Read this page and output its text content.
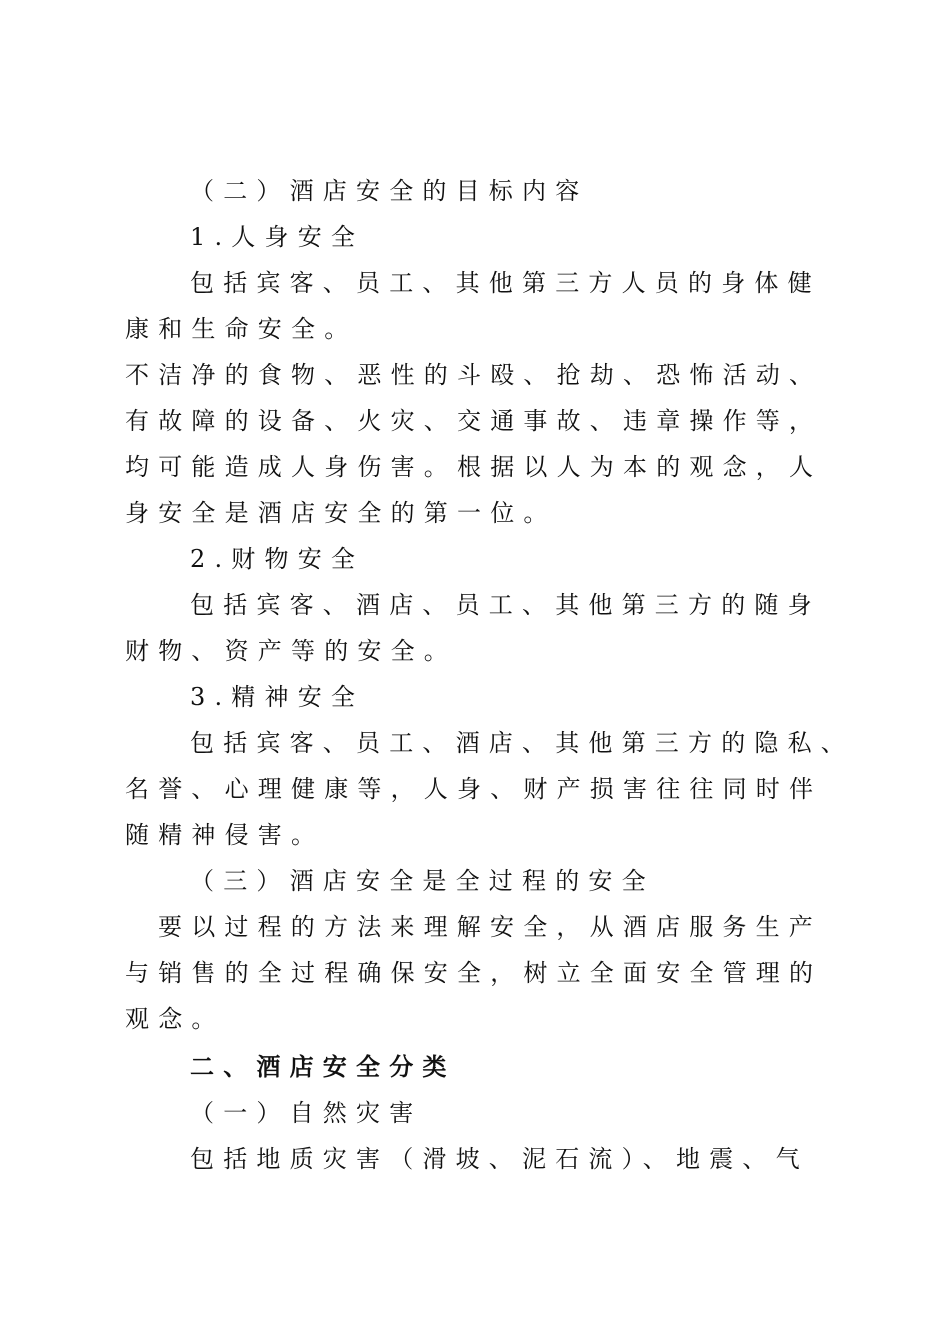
（二）酒店安全的目标内容
1.人身安全
包括宾客、员工、其他第三方人员的身体健
康和生命安全。
不洁净的食物、恶性的斗殴、抢劫、恐怖活动、
有故障的设备、火灾、交通事故、违章操作等，
均可能造成人身伤害。根据以人为本的观念，人
身安全是酒店安全的第一位。
2.财物安全
包括宾客、酒店、员工、其他第三方的随身
财物、资产等的安全。
3.精神安全
包括宾客、员工、酒店、其他第三方的隐私、
名誉、心理健康等，人身、财产损害往往同时伴
随精神侵害。
（三）酒店安全是全过程的安全
要以过程的方法来理解安全，从酒店服务生产
与销售的全过程确保安全，树立全面安全管理的
观念。
二、酒店安全分类
（一）自然灾害
包括地质灾害（滑坡、泥石流）、地震、气
